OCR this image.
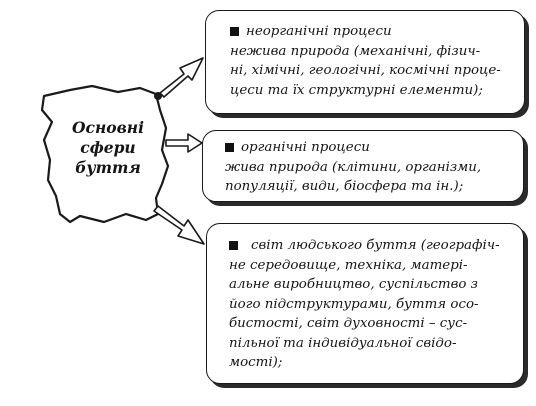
Основні
сфери
буття
неорганічні процеси
нежива природа (механічні, фізич-
ні, хімічні, геологічні, космічні проце-
цеси та їх структурні елементи);
органічні процеси
жива природа (клітини, організми,
популяції, види, біосфера та ін.);
світ людського буття (географіч-
не середовище, техніка, матері-
альне виробництво, суспільство з
його підструктурами, буття осо-
бистості, світ духовності – сус-
пільної та індивідуальної свідо-
мості);
